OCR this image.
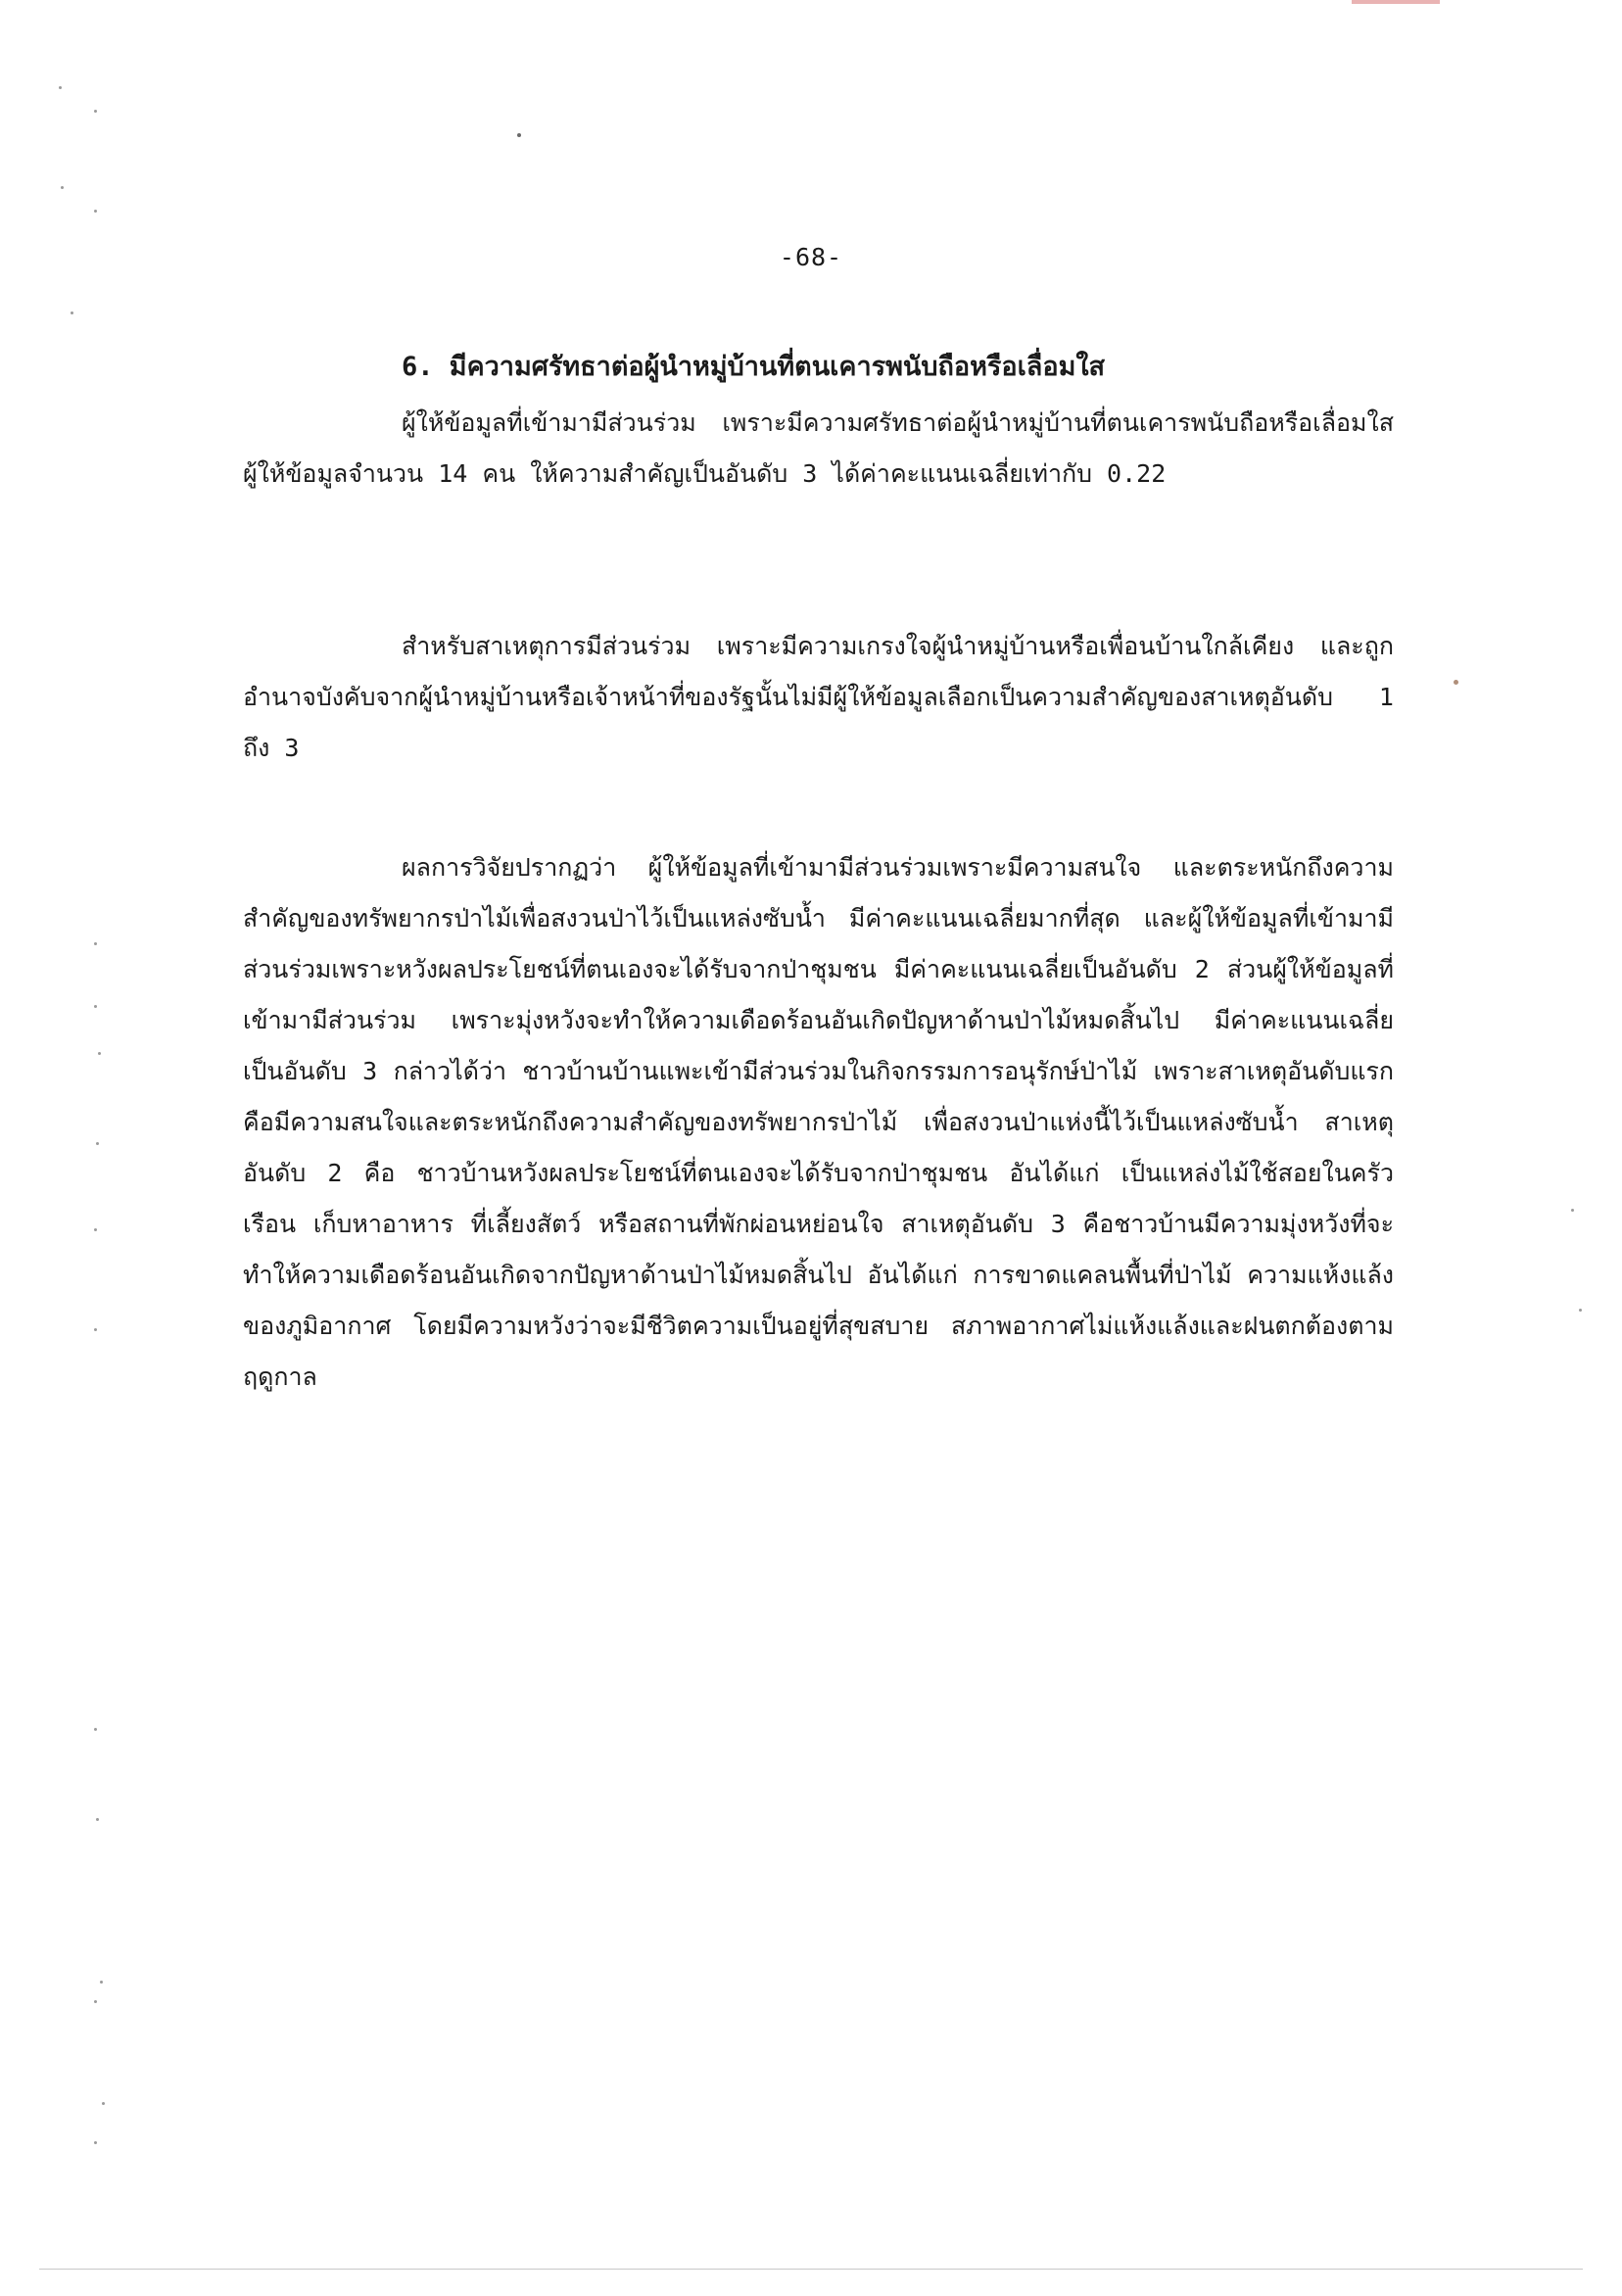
-68-
6. มีความศรัทธาต่อผู้นำหมู่บ้านที่ตนเคารพนับถือหรือเลื่อมใส

ผู้ให้ข้อมูลที่เข้ามามีส่วนร่วม เพราะมีความศรัทธาต่อผู้นำหมู่บ้านที่ตนเคารพนับถือหรือเลื่อมใส ผู้ให้ข้อมูลจำนวน 14 คน ให้ความสำคัญเป็นอันดับ 3 ได้ค่าคะแนนเฉลี่ยเท่ากับ 0.22

สำหรับสาเหตุการมีส่วนร่วม เพราะมีความเกรงใจผู้นำหมู่บ้านหรือเพื่อนบ้านใกล้เคียง และถูกอำนาจบังคับจากผู้นำหมู่บ้านหรือเจ้าหน้าที่ของรัฐนั้นไม่มีผู้ให้ข้อมูลเลือกเป็นความสำคัญของสาเหตุอันดับ 1 ถึง 3

ผลการวิจัยปรากฏว่า ผู้ให้ข้อมูลที่เข้ามามีส่วนร่วมเพราะมีความสนใจ และตระหนักถึงความสำคัญของทรัพยากรป่าไม้เพื่อสงวนป่าไว้เป็นแหล่งซับน้ำ มีค่าคะแนนเฉลี่ยมากที่สุด และผู้ให้ข้อมูลที่เข้ามามีส่วนร่วมเพราะหวังผลประโยชน์ที่ตนเองจะได้รับจากป่าชุมชน มีค่าคะแนนเฉลี่ยเป็นอันดับ 2 ส่วนผู้ให้ข้อมูลที่เข้ามามีส่วนร่วม เพราะมุ่งหวังจะทำให้ความเดือดร้อนอันเกิดปัญหาด้านป่าไม้หมดสิ้นไป มีค่าคะแนนเฉลี่ยเป็นอันดับ 3 กล่าวได้ว่า ชาวบ้านบ้านแพะเข้ามีส่วนร่วมในกิจกรรมการอนุรักษ์ป่าไม้ เพราะสาเหตุอันดับแรก คือมีความสนใจและตระหนักถึงความสำคัญของทรัพยากรป่าไม้ เพื่อสงวนป่าแห่งนี้ไว้เป็นแหล่งซับน้ำ สาเหตุอันดับ 2 คือ ชาวบ้านหวังผลประโยชน์ที่ตนเองจะได้รับจากป่าชุมชน อันได้แก่ เป็นแหล่งไม้ใช้สอยในครัวเรือน เก็บหาอาหาร ที่เลี้ยงสัตว์ หรือสถานที่พักผ่อนหย่อนใจ สาเหตุอันดับ 3 คือชาวบ้านมีความมุ่งหวังที่จะทำให้ความเดือดร้อนอันเกิดจากปัญหาด้านป่าไม้หมดสิ้นไป อันได้แก่ การขาดแคลนพื้นที่ป่าไม้ ความแห้งแล้งของภูมิอากาศ โดยมีความหวังว่าจะมีชีวิตความเป็นอยู่ที่สุขสบาย สภาพอากาศไม่แห้งแล้งและฝนตกต้องตามฤดูกาล
